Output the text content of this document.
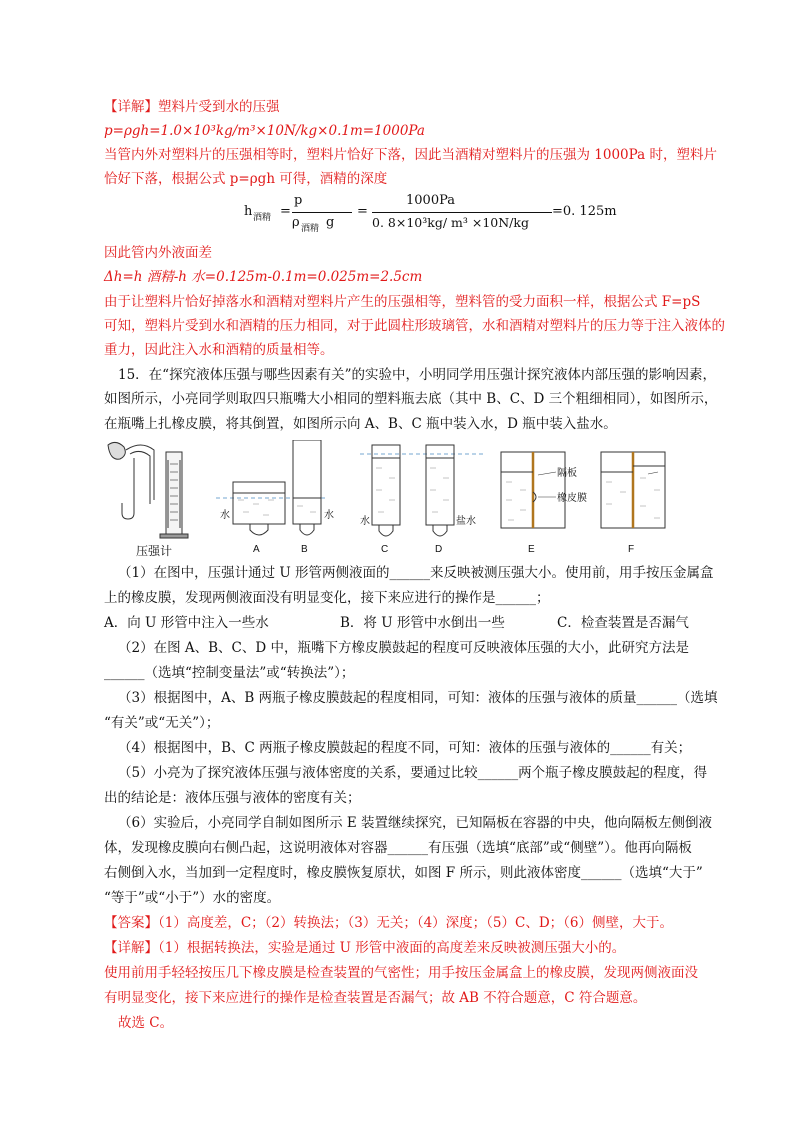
【详解】塑料片受到水的压强
p=ρgh=1.0×10³kg/m³×10N/kg×0.1m=1000Pa
当管内外对塑料片的压强相等时，塑料片恰好下落，因此当酒精对塑料片的压强为 1000Pa 时，塑料片
恰好下落，根据公式 p=ρgh 可得，酒精的深度
h 酒精 =
p
ρ 酒精 g
=
1000Pa
0. 8×10³kg/ m³ ×10N/kg
=0. 125m
因此管内外液面差
Δh=h 酒精-h 水=0.125m-0.1m=0.025m=2.5cm
由于让塑料片恰好掉落水和酒精对塑料片产生的压强相等，塑料管的受力面积一样，根据公式 F=pS
可知，塑料片受到水和酒精的压力相同，对于此圆柱形玻璃管，水和酒精对塑料片的压力等于注入液体的
重力，因此注入水和酒精的质量相等。
15．在“探究液体压强与哪些因素有关”的实验中，小明同学用压强计探究液体内部压强的影响因素，
如图所示，小亮同学则取四只瓶嘴大小相同的塑料瓶去底（其中 B、C、D 三个粗细相同），如图所示，
在瓶嘴上扎橡皮膜，将其倒置，如图所示向 A、B、C 瓶中装入水，D 瓶中装入盐水。
压强计
水
A
水
B
水
C
盐水
D
隔板
橡皮膜
E	F
（1）在图中，压强计通过 U 形管两侧液面的______来反映被测压强大小。使用前，用手按压金属盒
上的橡皮膜，发现两侧液面没有明显变化，接下来应进行的操作是______；
A．向 U 形管中注入一些水	B．将 U 形管中水倒出一些	C．检查装置是否漏气
（2）在图 A、B、C、D 中，瓶嘴下方橡皮膜鼓起的程度可反映液体压强的大小，此研究方法是
______（选填“控制变量法”或“转换法”）；
（3）根据图中，A、B 两瓶子橡皮膜鼓起的程度相同，可知：液体的压强与液体的质量______（选填
“有关”或“无关”）；
（4）根据图中，B、C 两瓶子橡皮膜鼓起的程度不同，可知：液体的压强与液体的______有关；
（5）小亮为了探究液体压强与液体密度的关系，要通过比较______两个瓶子橡皮膜鼓起的程度，得
出的结论是：液体压强与液体的密度有关；
（6）实验后，小亮同学自制如图所示 E 装置继续探究，已知隔板在容器的中央，他向隔板左侧倒液
体，发现橡皮膜向右侧凸起，这说明液体对容器______有压强（选填“底部”或“侧壁”）。他再向隔板
右侧倒入水，当加到一定程度时，橡皮膜恢复原状，如图 F 所示，则此液体密度______（选填“大于”
“等于”或“小于”）水的密度。
【答案】（1）高度差，C；（2）转换法；（3）无关；（4）深度；（5）C、D；（6）侧壁，大于。
【详解】（1）根据转换法，实验是通过 U 形管中液面的高度差来反映被测压强大小的。
使用前用手轻轻按压几下橡皮膜是检查装置的气密性；用手按压金属盒上的橡皮膜，发现两侧液面没
有明显变化，接下来应进行的操作是检查装置是否漏气；故 AB 不符合题意，C 符合题意。
故选 C。
